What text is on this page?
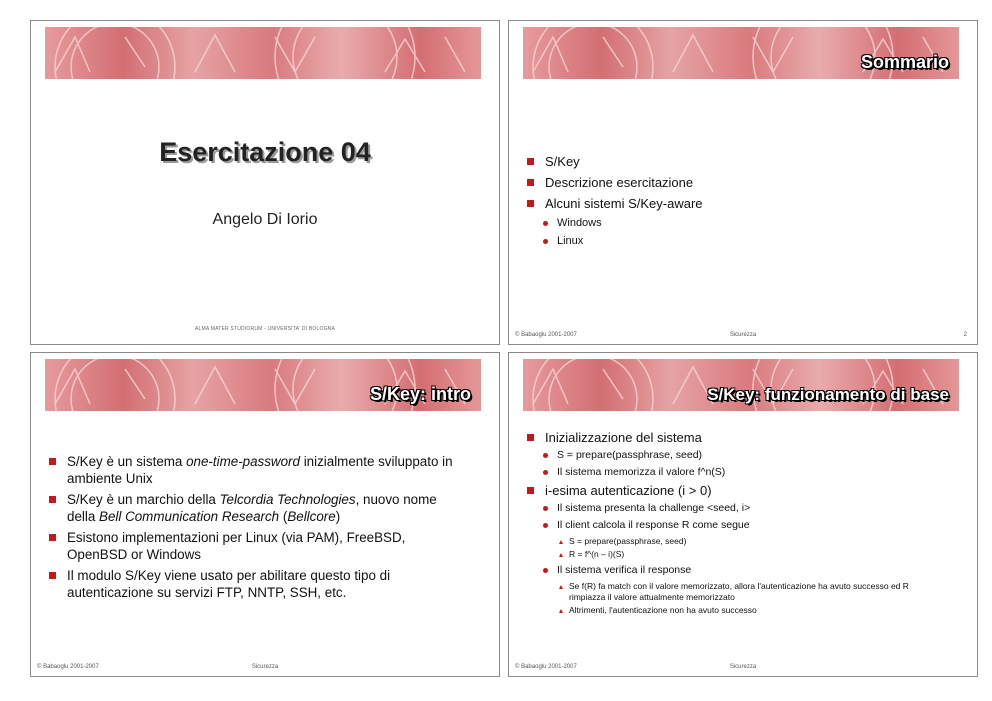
Esercitazione 04
Angelo Di Iorio
ALMA MATER STUDIORUM - UNIVERSITA' DI BOLOGNA
Sommario
S/Key
Descrizione esercitazione
Alcuni sistemi S/Key-aware
Windows
Linux
© Babaoglu 2001-2007	Sicurezza	2
S/Key: intro
S/Key è un sistema one-time-password inizialmente sviluppato in ambiente Unix
S/Key è un marchio della Telcordia Technologies, nuovo nome della Bell Communication Research (Bellcore)
Esistono implementazioni per Linux (via PAM), FreeBSD, OpenBSD or Windows
Il modulo S/Key viene usato per abilitare questo tipo di autenticazione su servizi FTP, NNTP, SSH, etc.
© Babaoglu 2001-2007	Sicurezza
S/Key: funzionamento di base
Inizializzazione del sistema
S = prepare(passphrase, seed)
Il sistema memorizza il valore f^n(S)
i-esima autenticazione (i > 0)
Il sistema presenta la challenge <seed, i>
Il client calcola il response R come segue
S = prepare(passphrase, seed)
R = f^(n – i)(S)
Il sistema verifica il response
Se f(R) fa match con il valore memorizzato, allora l'autenticazione ha avuto successo ed R rimpiazza il valore attualmente memorizzato
Altrimenti, l'autenticazione non ha avuto successo
© Babaoglu 2001-2007	Sicurezza
